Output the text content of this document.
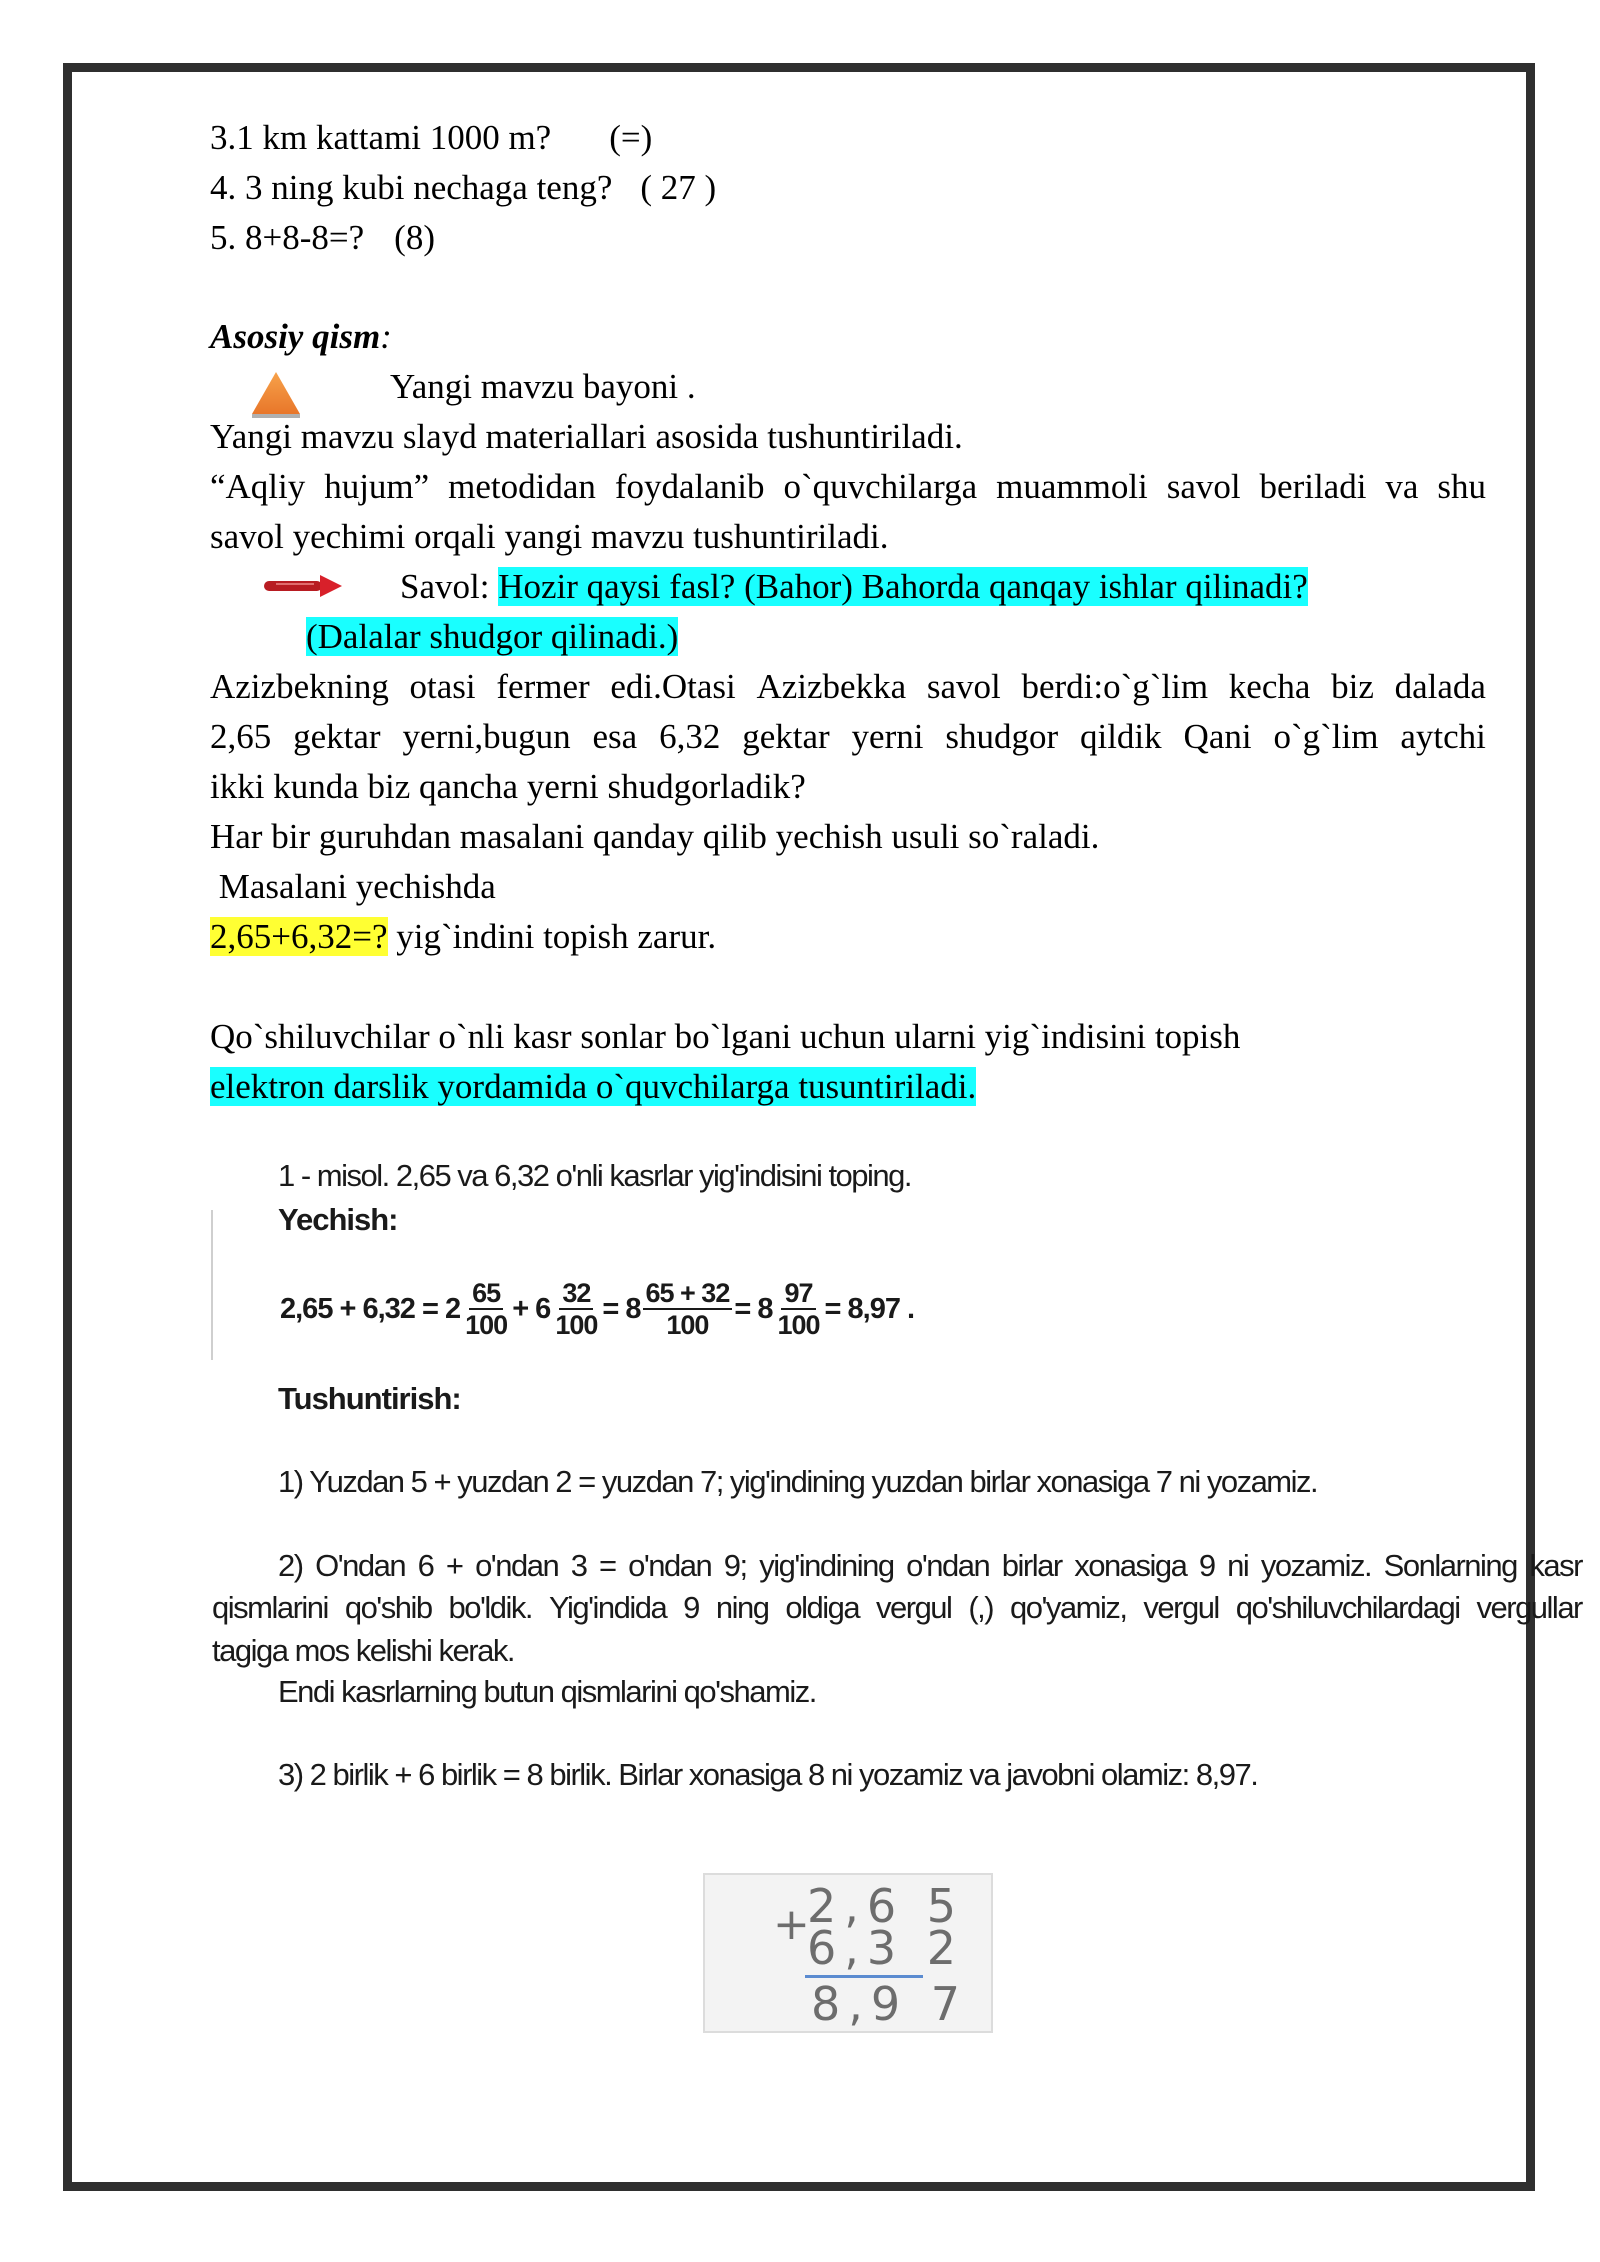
3.1 km kattami 1000 m? (=)
4. 3 ning kubi nechaga teng? ( 27 )
5. 8+8-8=? (8)
Asosiy qism:
Yangi mavzu bayoni .
Yangi mavzu slayd materiallari asosida tushuntiriladi.
“Aqliy hujum” metodidan foydalanib o`quvchilarga muammoli savol beriladi va shu
savol yechimi orqali yangi mavzu tushuntiriladi.
Savol: Hozir qaysi fasl? (Bahor) Bahorda qanqay ishlar qilinadi?
(Dalalar shudgor qilinadi.)
Azizbekning otasi fermer edi.Otasi Azizbekka savol berdi:o`g`lim kecha biz dalada
2,65 gektar yerni,bugun esa 6,32 gektar yerni shudgor qildik Qani o`g`lim aytchi
ikki kunda biz qancha yerni shudgorladik?
Har bir guruhdan masalani qanday qilib yechish usuli so`raladi.
Masalani yechishda
2,65+6,32=? yig`indini topish zarur.
Qo`shiluvchilar o`nli kasr sonlar bo`lgani uchun ularni yig`indisini topish
elektron darslik yordamida o`quvchilarga tusuntiriladi.
1 - misol. 2,65 va 6,32 o'nli kasrlar yig'indisini toping.
Yechish:
$2,65 + 6,32 = 2 \frac{65}{100} + 6 \frac{32}{100} = 8 \frac{65 + 32}{100} = 8 \frac{97}{100} = 8,97$ .
Tushuntirish:
1) Yuzdan 5 + yuzdan 2 = yuzdan 7; yig'indining yuzdan birlar xonasiga 7 ni yozamiz.
2) O'ndan 6 + o'ndan 3 = o'ndan 9; yig'indining o'ndan birlar xonasiga 9 ni yozamiz. Sonlarning kasr
qismlarini qo'shib bo'ldik. Yig'indida 9 ning oldiga vergul (,) qo'yamiz, vergul qo'shiluvchilardagi vergullar
tagiga mos kelishi kerak.
Endi kasrlarning butun qismlarini qo'shamiz.
3) 2 birlik + 6 birlik = 8 birlik. Birlar xonasiga 8 ni yozamiz va javobni olamiz: 8,97.
+
2,6 5
6,3 2
8,9 7
